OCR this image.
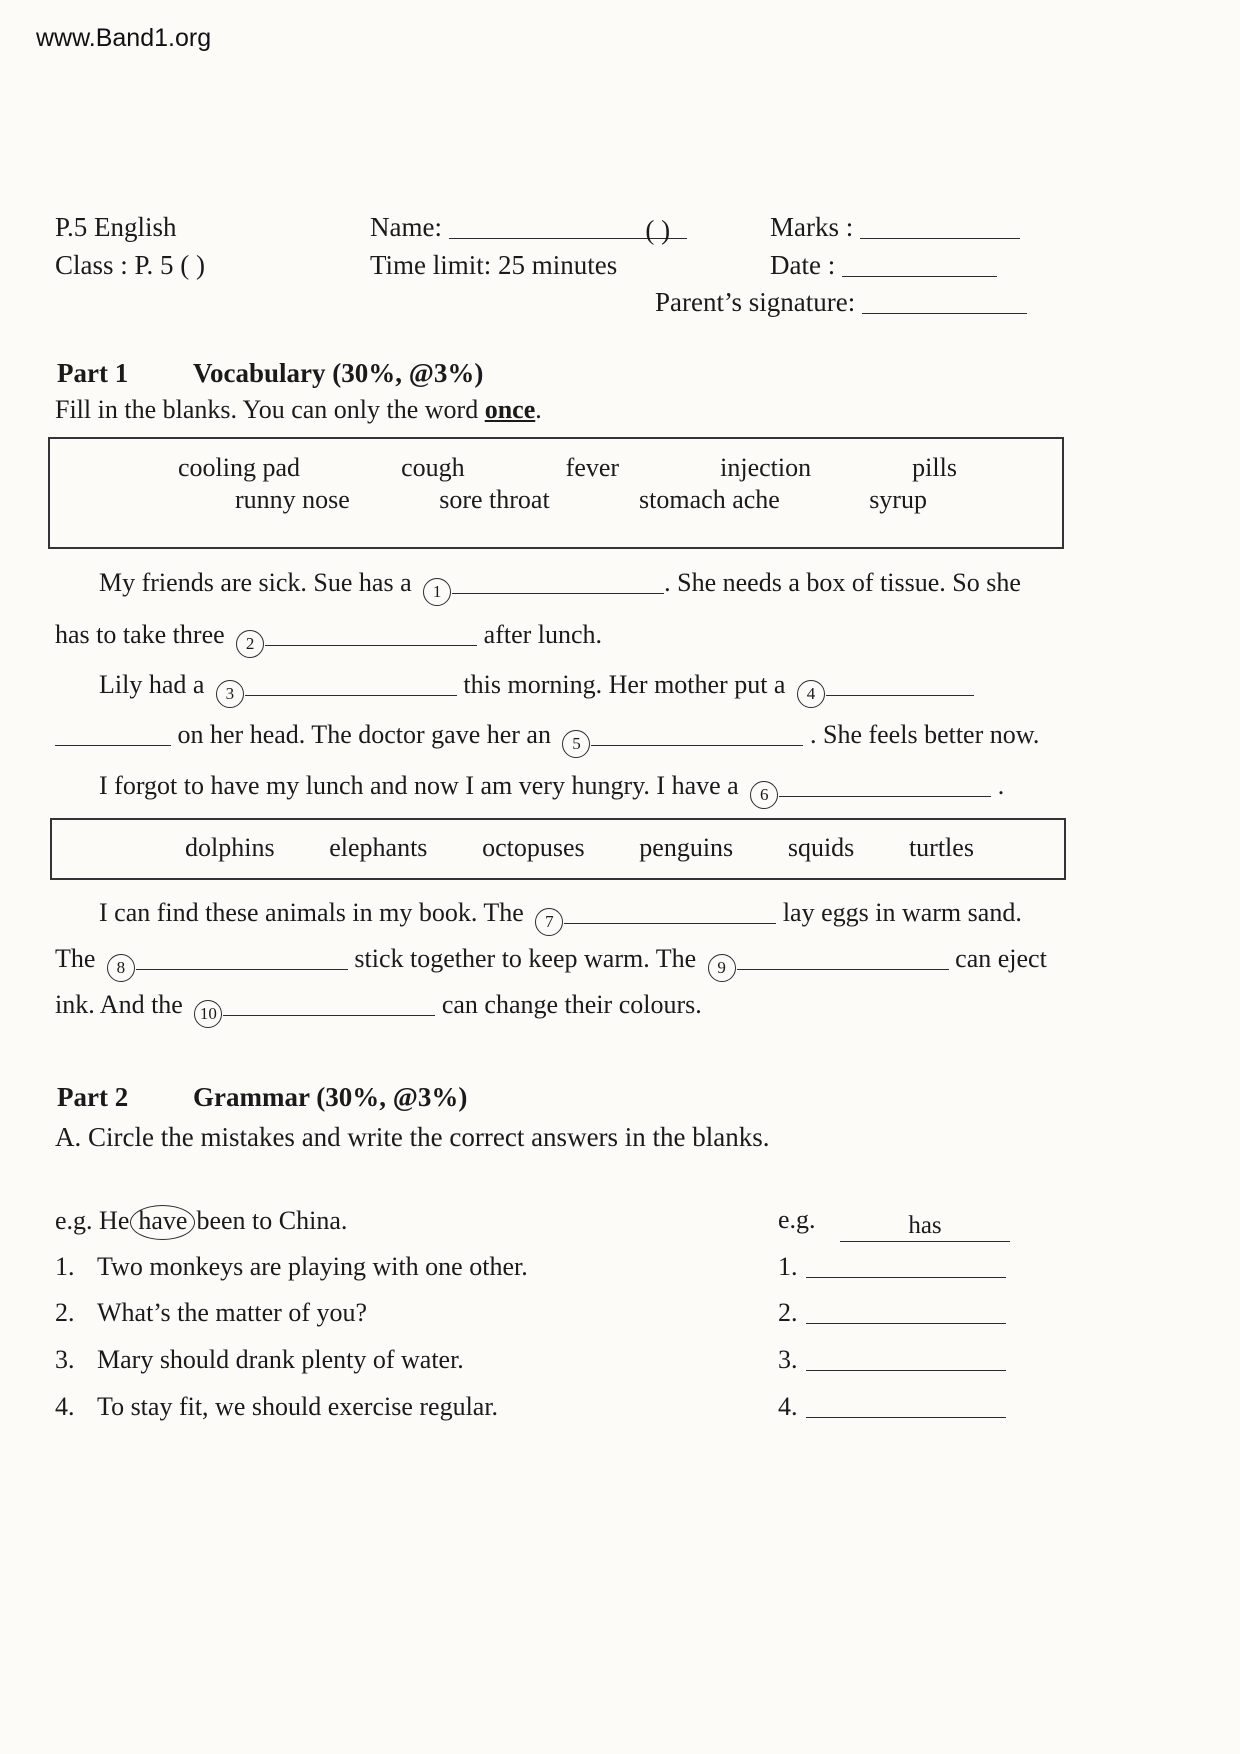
www.Band1.org
P.5 English	Name:	( )	Marks :
Class : P. 5 ( )	Time limit: 25 minutes	Date :
Parent’s signature:
Part 1 Vocabulary (30%, @3%)
Fill in the blanks. You can only the word once.
cooling pad	cough	fever	injection	pills
runny nose	sore throat	stomach ache	syrup
My friends are sick. Sue has a 1	. She needs a box of tissue. So she
has to take three 2	after lunch.
Lily had a 3	this morning. Her mother put a 4
on her head. The doctor gave her an 5	. She feels better now.
I forgot to have my lunch and now I am very hungry. I have a 6	.
dolphins elephants octopuses penguins squids turtles
I can find these animals in my book. The 7	lay eggs in warm sand.
The 8	stick together to keep warm. The 9	can eject
ink. And the 10	can change their colours.
Part 2 Grammar (30%, @3%)
A. Circle the mistakes and write the correct answers in the blanks.
e.g. He have been to China.	e.g.	has
1. Two monkeys are playing with one other.	1.
2. What’s the matter of you?	2.
3. Mary should drank plenty of water.	3.
4. To stay fit, we should exercise regular.	4.
